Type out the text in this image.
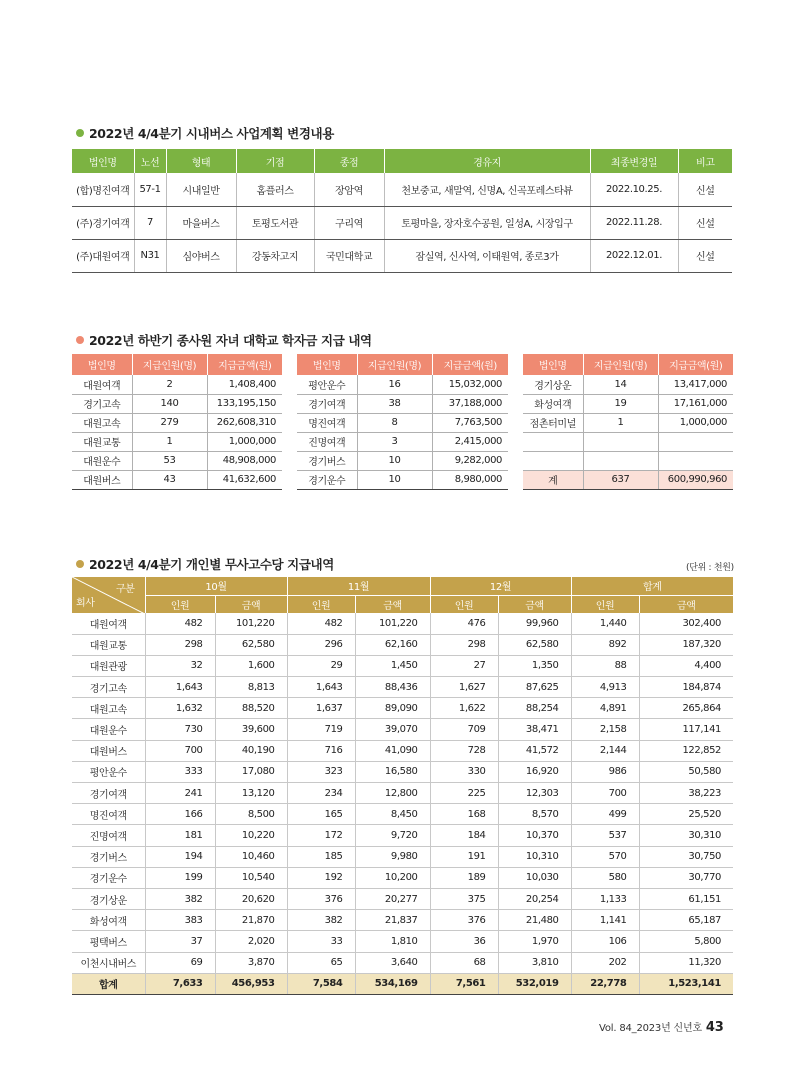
2022년 4/4분기 시내버스 사업계획 변경내용
법인명	노선	형태	기점	종점	경유지	최종변경일	비고
(합)명진여객	57-1	시내일반	홈플러스	장암역	천보중교, 새말역, 신명A, 신곡포레스타뷰	2022.10.25.	신설
(주)경기여객	7	마을버스	토평도서관	구리역	토평마을, 장자호수공원, 일성A, 시장입구	2022.11.28.	신설
(주)대원여객	N31	심야버스	강동차고지	국민대학교	잠실역, 신사역, 이태원역, 종로3가	2022.12.01.	신설
2022년 하반기 종사원 자녀 대학교 학자금 지급 내역
법인명	지급인원(명)	지급금액(원)
대원여객	2	1,408,400
경기고속	140	133,195,150
대원고속	279	262,608,310
대원교통	1	1,000,000
대원운수	53	48,908,000
대원버스	43	41,632,600
법인명	지급인원(명)	지급금액(원)
평안운수	16	15,032,000
경기여객	38	37,188,000
명진여객	8	7,763,500
진명여객	3	2,415,000
경기버스	10	9,282,000
경기운수	10	8,980,000
법인명	지급인원(명)	지급금액(원)
경기상운	14	13,417,000
화성여객	19	17,161,000
점촌터미널	1	1,000,000

계	637	600,990,960
2022년 4/4분기 개인별 무사고수당 지급내역	(단위 : 천원)
구분
회사	10월		11월		12월		합계	
	인원	금액	인원	금액	인원	금액	인원	금액
대원여객	482	101,220	482	101,220	476	99,960	1,440	302,400
대원교통	298	62,580	296	62,160	298	62,580	892	187,320
대원관광	32	1,600	29	1,450	27	1,350	88	4,400
경기고속	1,643	8,813	1,643	88,436	1,627	87,625	4,913	184,874
대원고속	1,632	88,520	1,637	89,090	1,622	88,254	4,891	265,864
대원운수	730	39,600	719	39,070	709	38,471	2,158	117,141
대원버스	700	40,190	716	41,090	728	41,572	2,144	122,852
평안운수	333	17,080	323	16,580	330	16,920	986	50,580
경기여객	241	13,120	234	12,800	225	12,303	700	38,223
명진여객	166	8,500	165	8,450	168	8,570	499	25,520
진명여객	181	10,220	172	9,720	184	10,370	537	30,310
경기버스	194	10,460	185	9,980	191	10,310	570	30,750
경기운수	199	10,540	192	10,200	189	10,030	580	30,770
경기상운	382	20,620	376	20,277	375	20,254	1,133	61,151
화성여객	383	21,870	382	21,837	376	21,480	1,141	65,187
평택버스	37	2,020	33	1,810	36	1,970	106	5,800
이천시내버스	69	3,870	65	3,640	68	3,810	202	11,320
합계	7,633	456,953	7,584	534,169	7,561	532,019	22,778	1,523,141
Vol. 84_2023년 신년호 43
